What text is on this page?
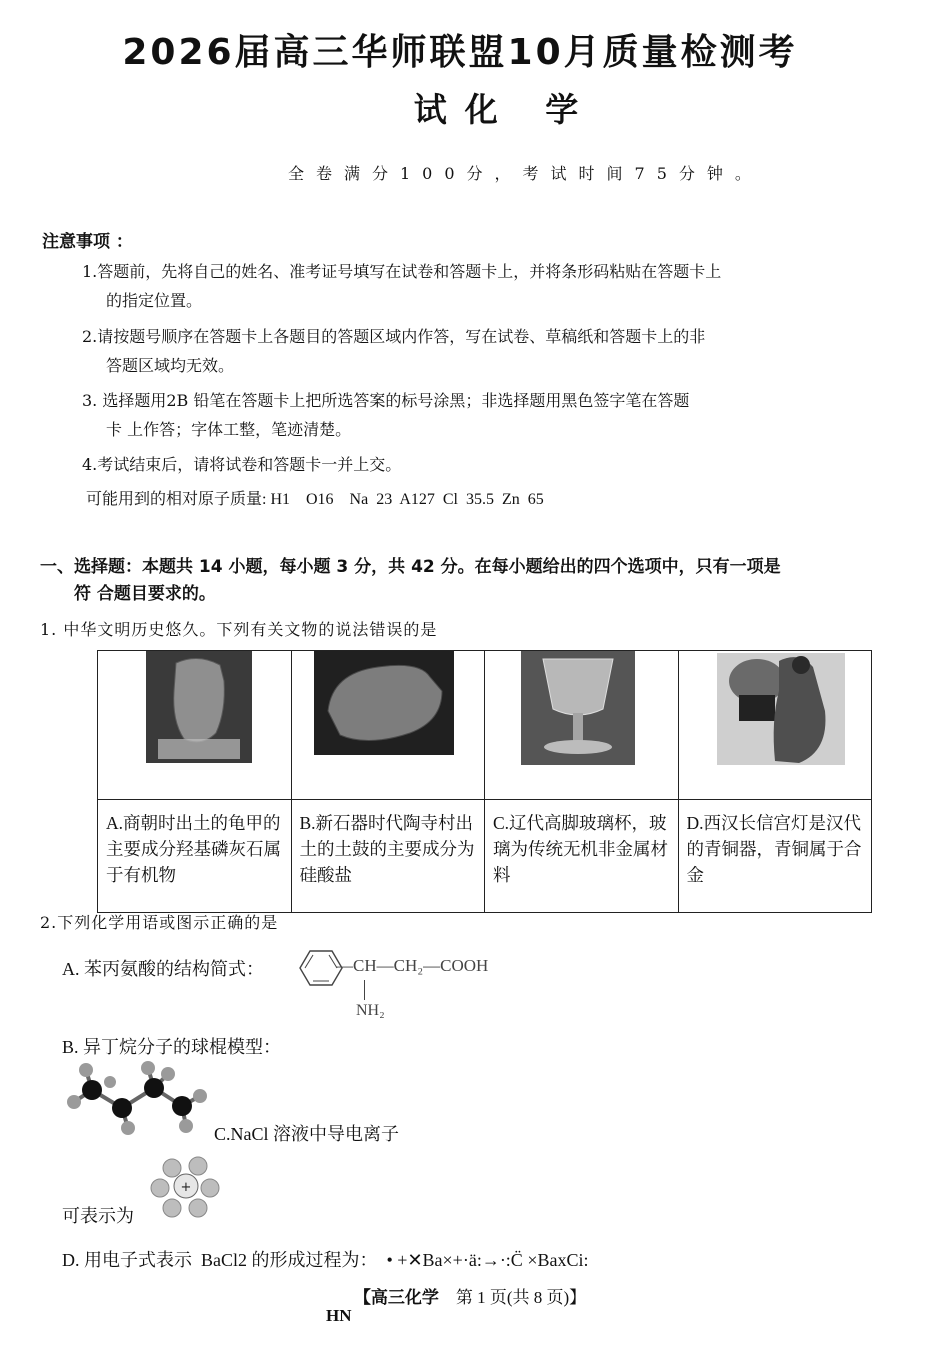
2026届高三华师联盟10月质量检测考
试化 学
全卷满分100分，考试时间75分钟。
注意事项 ：
1.答题前，先将自己的姓名、准考证号填写在试卷和答题卡上，并将条形码粘贴在答题卡上
的指定位置。
2.请按题号顺序在答题卡上各题目的答题区域内作答，写在试卷、草稿纸和答题卡上的非
答题区域均无效。
3. 选择题用2B 铅笔在答题卡上把所选答案的标号涂黑；非选择题用黑色签字笔在答题
卡 上作答；字体工整，笔迹清楚。
4.考试结束后，请将试卷和答题卡一并上交。
可能用到的相对原子质量: H1    O16    Na  23  A127  Cl  35.5  Zn  65
一、选择题：本题共 14 小题，每小题 3 分，共 42 分。在每小题给出的四个选项中，只有一项是
符 合题目要求的。
1. 中华文明历史悠久。下列有关文物的说法错误的是

A.商朝时出土的龟甲的主要成分羟基磷灰石属于有机物	B.新石器时代陶寺村出土的土鼓的主要成分为硅酸盐	C.辽代高脚玻璃杯，玻璃为传统无机非金属材料	D.西汉长信宫灯是汉代的青铜器，青铜属于合金
2.下列化学用语或图示正确的是
A. 苯丙氨酸的结构简式：	—CH—CH₂—COOH
NH₂
B. 异丁烷分子的球棍模型：
C.NaCl 溶液中导电离子
+
可表示为
D. 用电子式表示  BaCl2 的形成过程为：  • +✕Ba×+·ä:→·:C̈ ×BaxCi:
【高三化学 第 1 页(共 8 页)】
HN
